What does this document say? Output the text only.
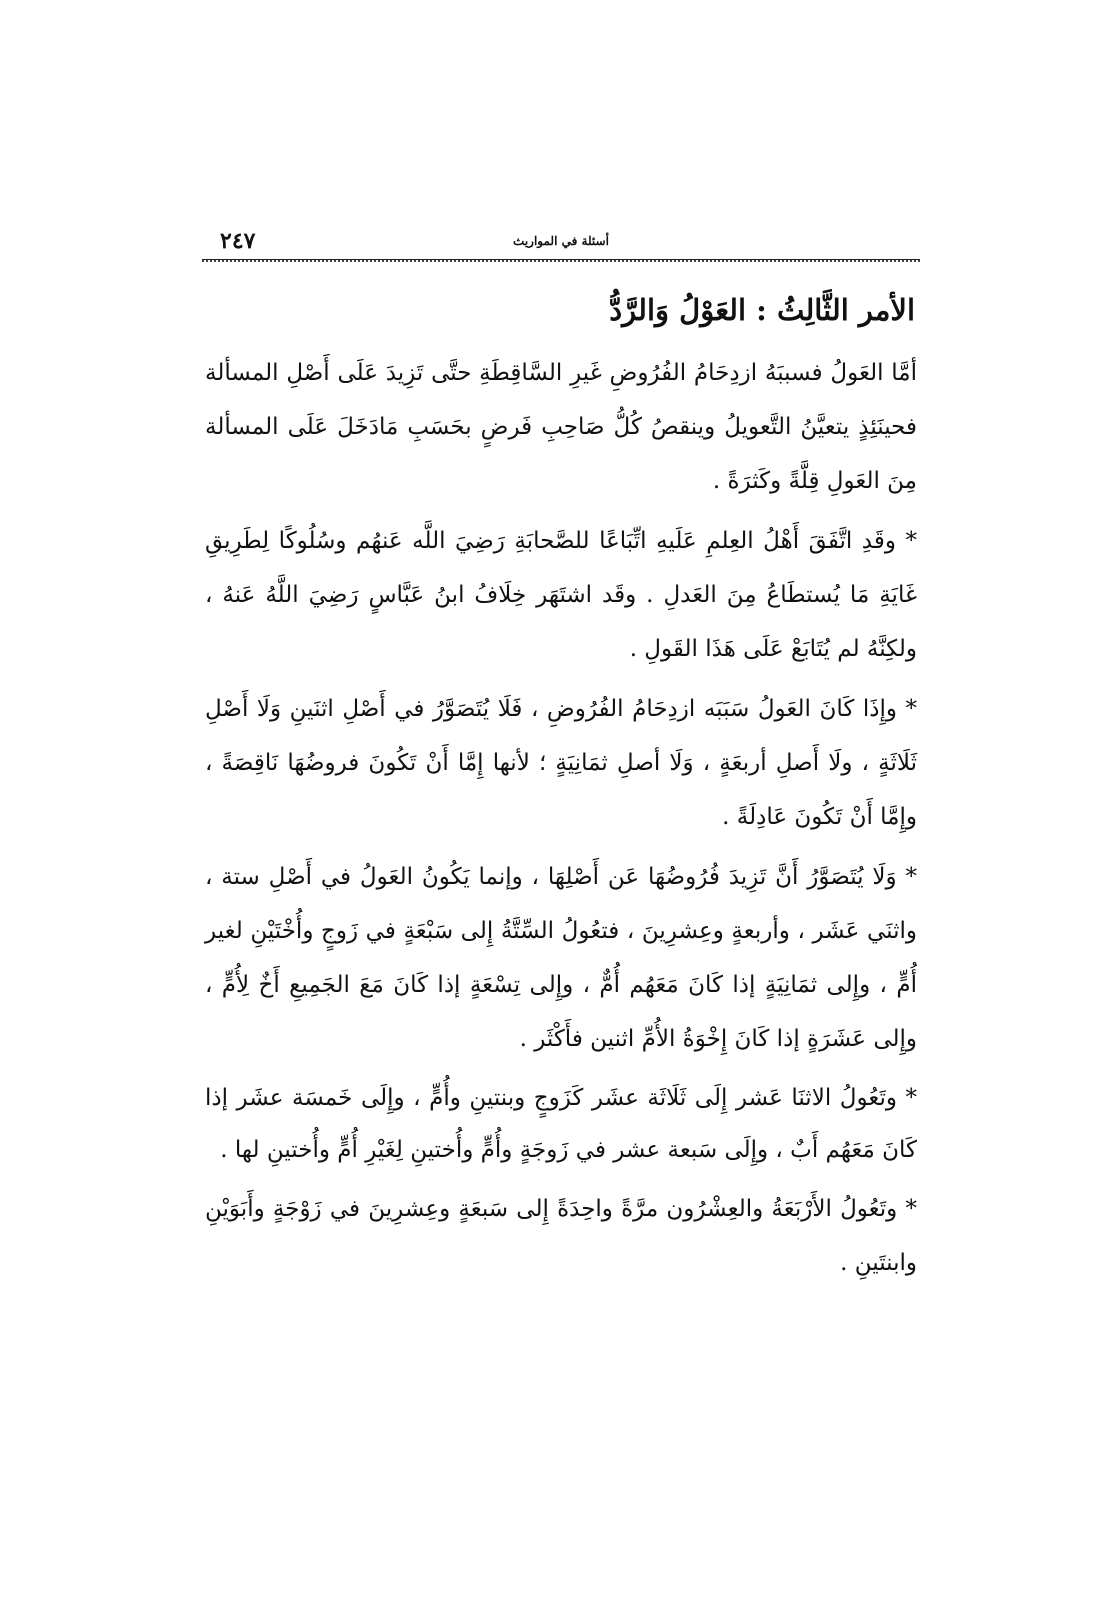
٢٤٧	أسئلة في المواريث
الأمر الثَّالِثُ : العَوْلُ وَالرَّدُّ

أمَّا العَولُ فسببَهُ ازدِحَامُ الفُرُوضِ غَيرِ السَّاقِطَةِ حتَّى تَزِيدَ عَلَى أَصْلِ المسألة فحينَئِذٍ يتعيَّنُ التَّعويلُ وينقصُ كُلُّ صَاحِبِ فَرضٍ بحَسَبِ مَادَخَلَ عَلَى المسألة مِنَ العَولِ قِلَّةً وكَثرَةً .

* وقَدِ اتَّفَقَ أَهْلُ العِلمِ عَلَيهِ اتِّبَاعًا للصَّحابَةِ رَضِيَ اللَّه عَنهُم وسُلُوكًا لِطَرِيقِ غَايَةِ مَا يُستطَاعُ مِنَ العَدلِ . وقَد اشتَهَر خِلَافُ ابنُ عَبَّاسٍ رَضِيَ اللَّهُ عَنهُ ، ولكِنَّهُ لم يُتَابَعْ عَلَى هَذَا القَولِ .

* وإِذَا كَانَ العَولُ سَبَبَه ازدِحَامُ الفُرُوضِ ، فَلَا يُتَصَوَّرُ في أَصْلِ اثنَينِ وَلَا أَصْلِ ثَلَاثَةٍ ، ولَا أَصلِ أربعَةٍ ، وَلَا أصلِ ثمَانِيَةٍ ؛ لأنها إِمَّا أَنْ تَكُونَ فروضُهَا نَاقِصَةً ، وإِمَّا أَنْ تَكُونَ عَادِلَةً .

* وَلَا يُتَصَوَّرُ أَنَّ تَزِيدَ فُرُوضُهَا عَن أَصْلِهَا ، وإنما يَكُونُ العَولُ في أَصْلِ ستة ، واثنَي عَشَر ، وأربعةٍ وعِشرِينَ ، فتعُولُ السِّتَّةُ إِلى سَبْعَةٍ في زَوجٍ وأُخْتَيْنِ لغير أُمٍّ ، وإِلى ثمَانِيَةٍ إذا كَانَ مَعَهُم أُمٌّ ، وإِلى تِسْعَةٍ إذا كَانَ مَعَ الجَمِيعِ أَخٌ لِأُمٍّ ، وإِلى عَشَرَةٍ إذا كَانَ إِخْوَةُ الأُمِّ اثنين فأَكْثَر .

* وتَعُولُ الاثنَا عَشر إِلَى ثَلَاثَة عشَر كَزَوجٍ وبنتينِ وأُمٍّ ، وإِلَى خَمسَة عشَر إذا كَانَ مَعَهُم أَبٌ ، وإِلَى سَبعة عشر في زَوجَةٍ وأُمٍّ وأُختينِ لِغَيْرِ أُمٍّ وأُختينِ لها .

* وتَعُولُ الأَرْبَعَةُ والعِشْرُون مرَّةً واحِدَةً إِلى سَبعَةٍ وعِشرِينَ في زَوْجَةٍ وأَبَوَيْنِ وابنتَينِ .
